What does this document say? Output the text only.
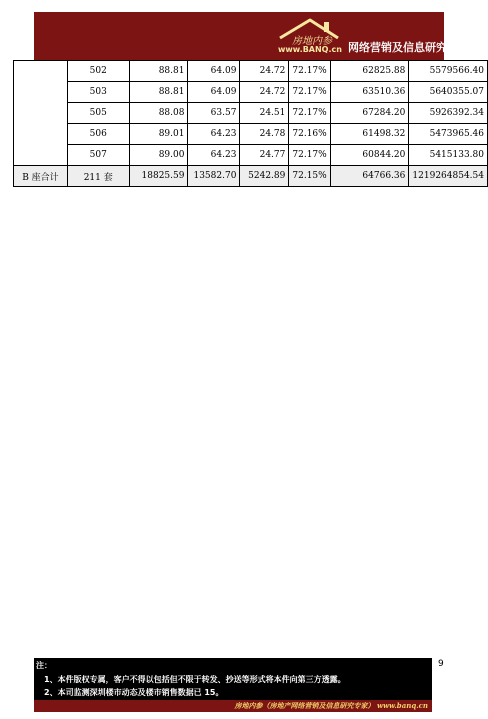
房地内参
www.BANQ.cn 网络营销及信息研究专家
	502	88.81	64.09	24.72	72.17%	62825.88	5579566.40
	503	88.81	64.09	24.72	72.17%	63510.36	5640355.07
	505	88.08	63.57	24.51	72.17%	67284.20	5926392.34
	506	89.01	64.23	24.78	72.16%	61498.32	5473965.46
	507	89.00	64.23	24.77	72.17%	60844.20	5415133.80
B 座合计	211 套	18825.59	13582.70	5242.89	72.15%	64766.36	1219264854.54
注：
1、本件版权专属，客户不得以包括但不限于转发、抄送等形式将本件向第三方透露。
2、本司监测深圳楼市动态及楼市销售数据已 15。
房地内参（房地产网络营销及信息研究专家） www.banq.cn
9
